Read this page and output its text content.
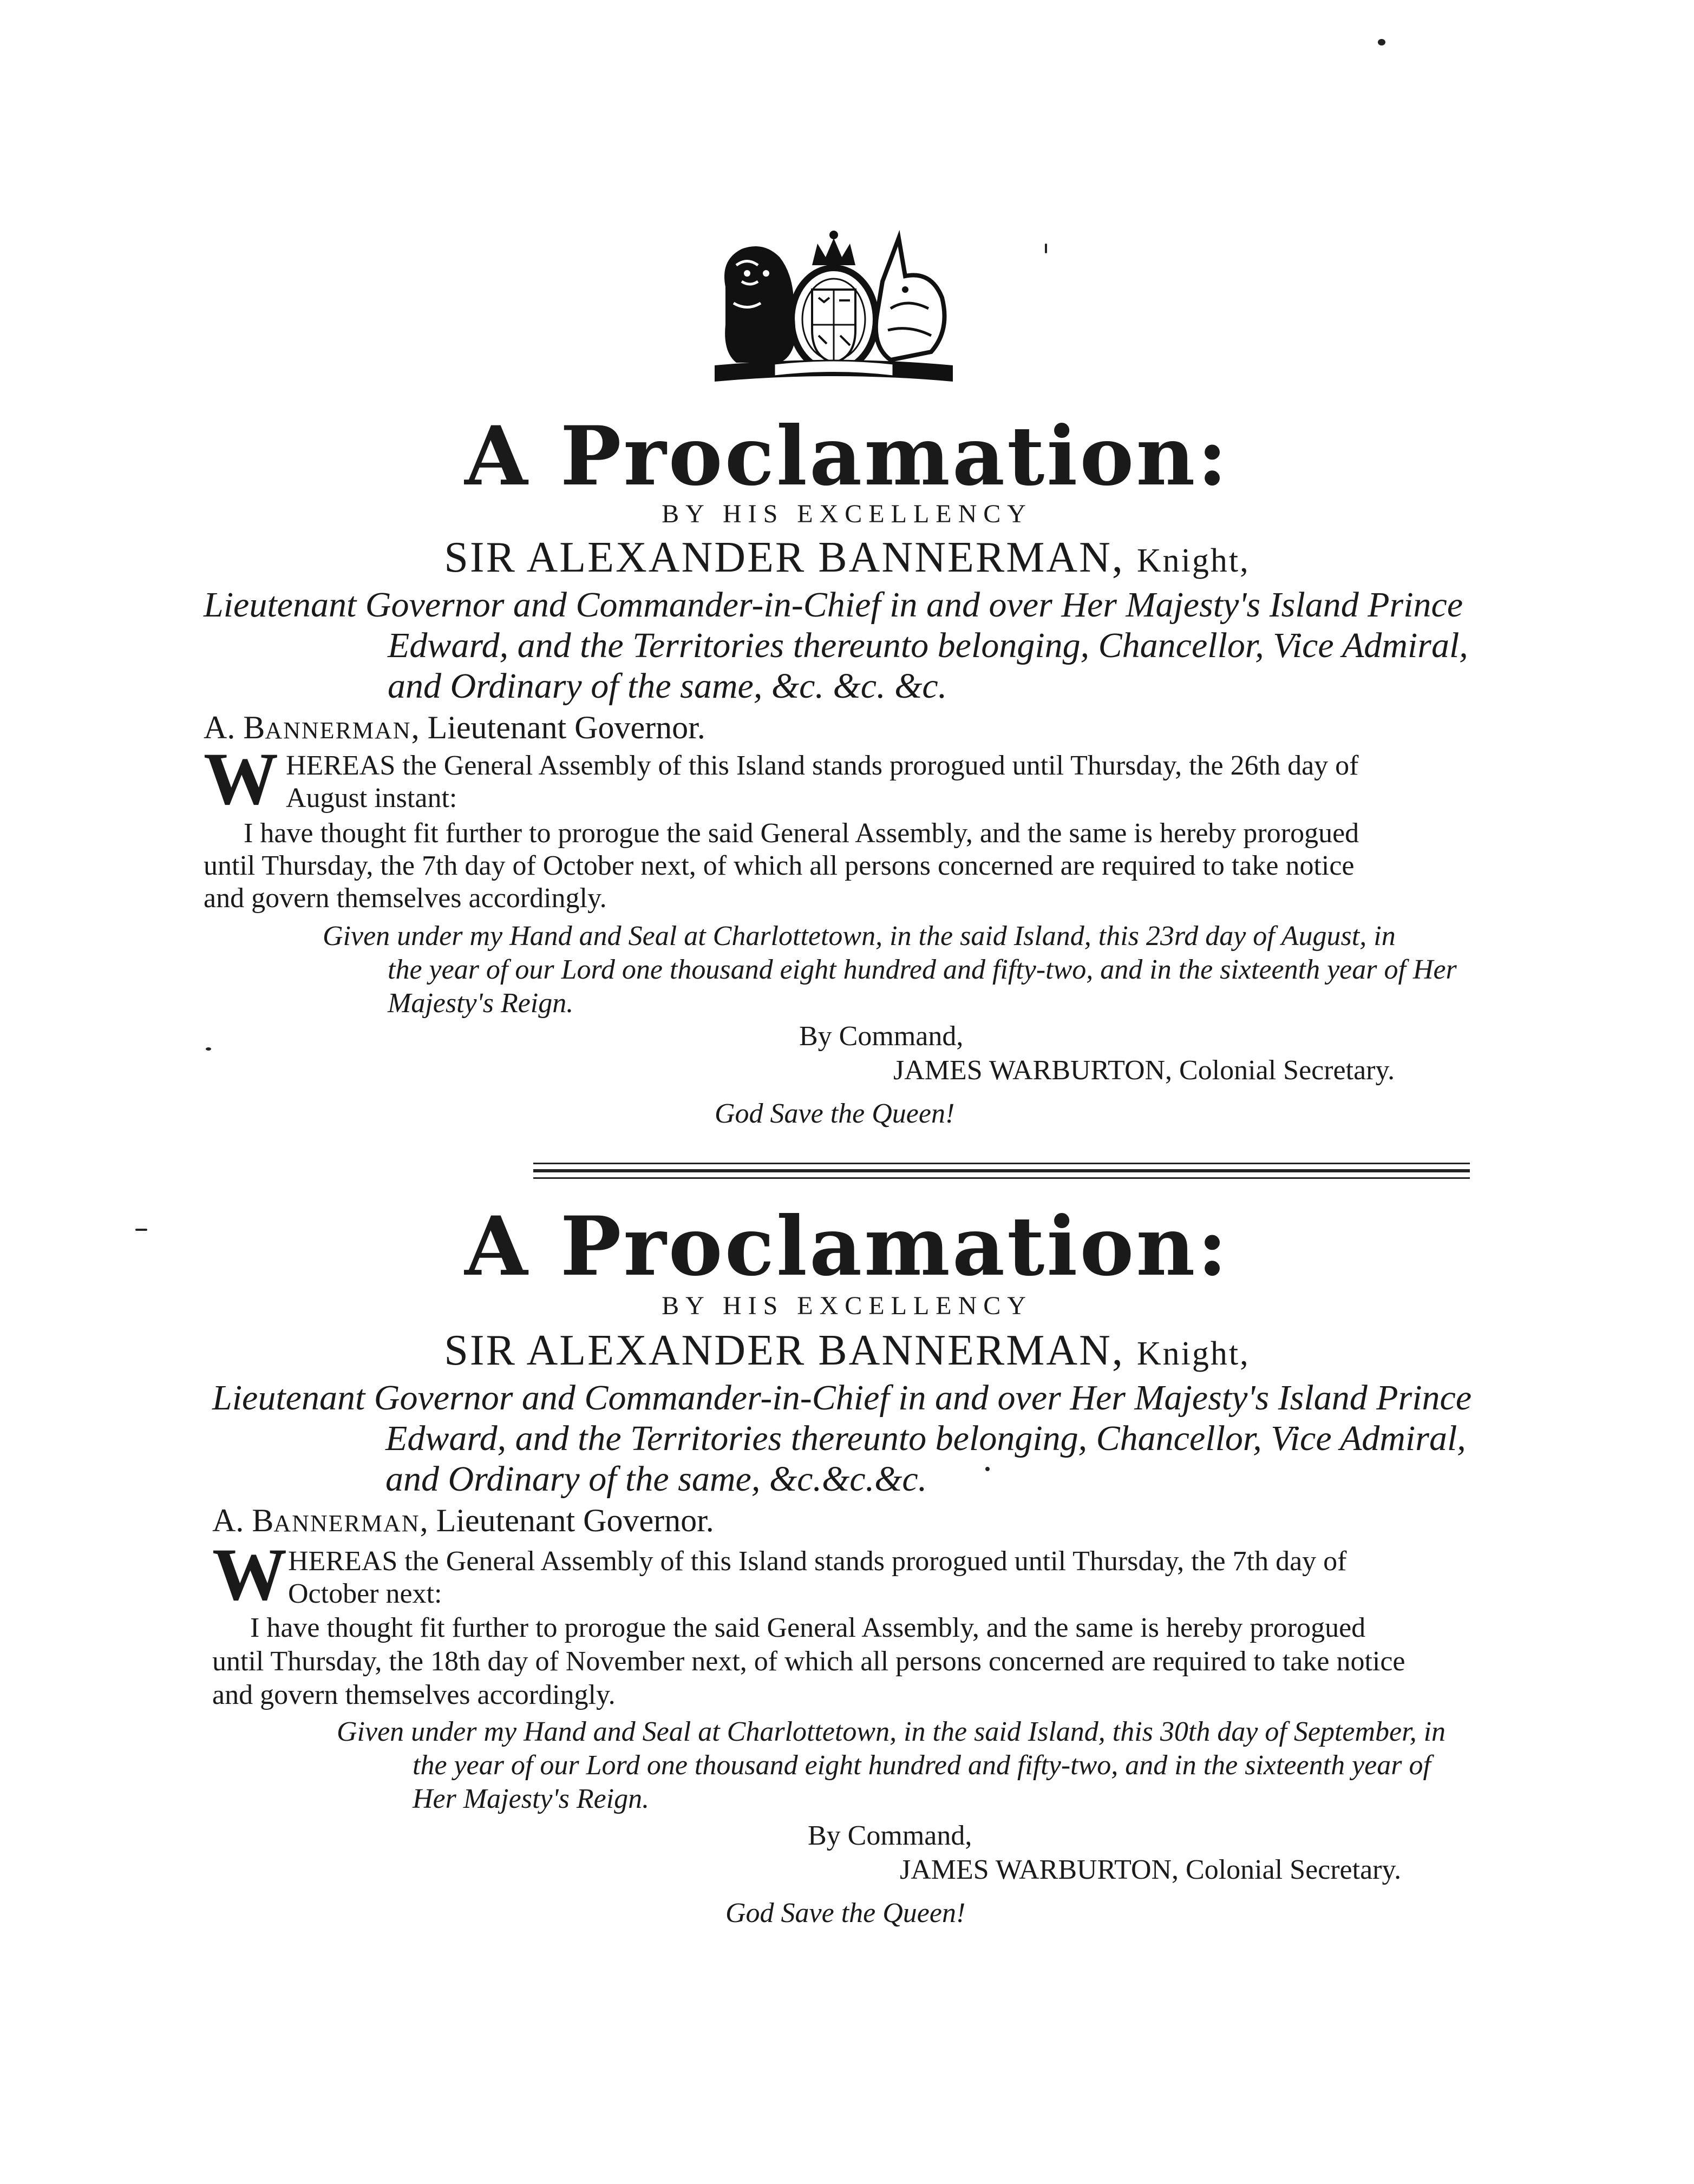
A Proclamation:
BY HIS EXCELLENCY
SIR ALEXANDER BANNERMAN, Knight,
Lieutenant Governor and Commander-in-Chief in and over Her Majesty's Island Prince
Edward, and the Territories thereunto belonging, Chancellor, Vice Admiral,
and Ordinary of the same, &c. &c. &c.
A. BANNERMAN, Lieutenant Governor.
W HEREAS the General Assembly of this Island stands prorogued until Thursday, the 26th day of
August instant:
I have thought fit further to prorogue the said General Assembly, and the same is hereby prorogued
until Thursday, the 7th day of October next, of which all persons concerned are required to take notice
and govern themselves accordingly.
Given under my Hand and Seal at Charlottetown, in the said Island, this 23rd day of August, in
the year of our Lord one thousand eight hundred and fifty-two, and in the sixteenth year of Her
Majesty's Reign.
By Command,
JAMES WARBURTON, Colonial Secretary.
God Save the Queen!
A Proclamation:
BY HIS EXCELLENCY
SIR ALEXANDER BANNERMAN, Knight,
Lieutenant Governor and Commander-in-Chief in and over Her Majesty's Island Prince
Edward, and the Territories thereunto belonging, Chancellor, Vice Admiral,
and Ordinary of the same, &c.&c.&c.
A. BANNERMAN, Lieutenant Governor.
W HEREAS the General Assembly of this Island stands prorogued until Thursday, the 7th day of
October next:
I have thought fit further to prorogue the said General Assembly, and the same is hereby prorogued
until Thursday, the 18th day of November next, of which all persons concerned are required to take notice
and govern themselves accordingly.
Given under my Hand and Seal at Charlottetown, in the said Island, this 30th day of September, in
the year of our Lord one thousand eight hundred and fifty-two, and in the sixteenth year of
Her Majesty's Reign.
By Command,
JAMES WARBURTON, Colonial Secretary.
God Save the Queen!
